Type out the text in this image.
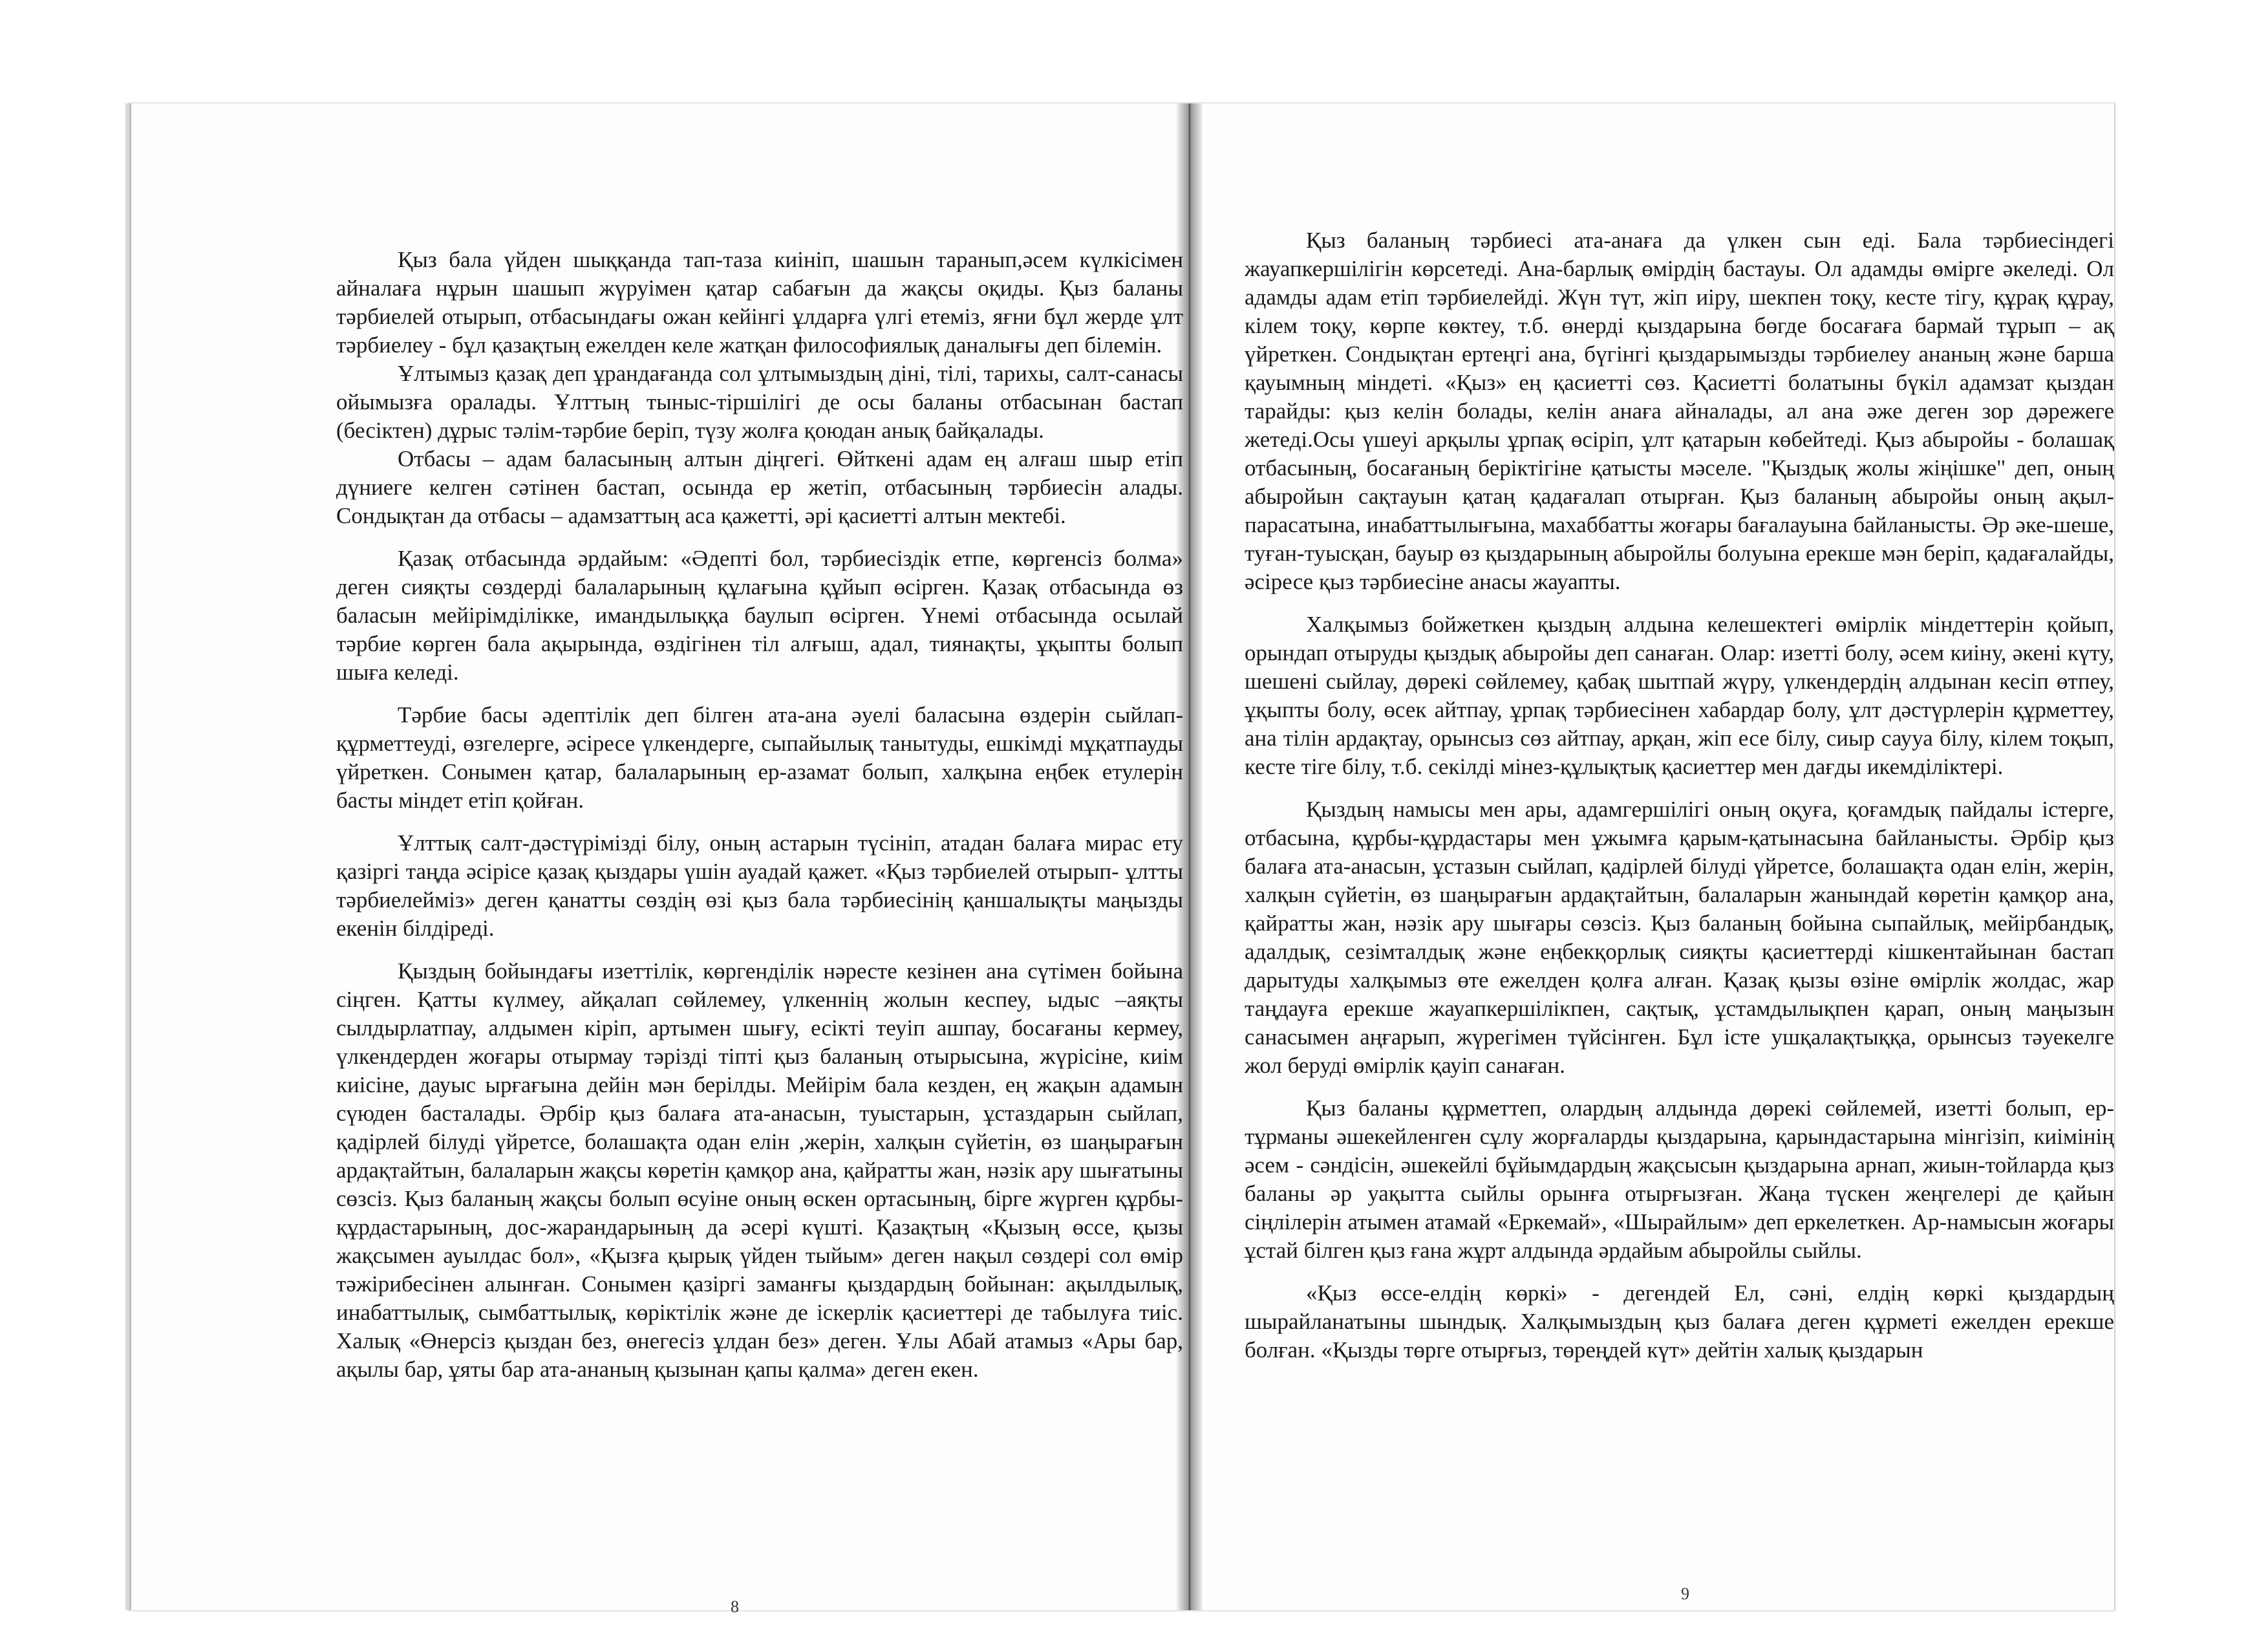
Қыз бала үйден шыққанда тап-таза киініп, шашын таранып,әсем күлкісімен айналаға нұрын шашып жүруімен қатар сабағын да жақсы оқиды. Қыз баланы тәрбиелей отырып, отбасындағы ожан кейінгі ұлдарға үлгі етеміз, яғни бұл жерде ұлт тәрбиелеу - бұл қазақтың ежелден келе жатқан философиялық даналығы деп білемін.

Ұлтымыз қазақ деп ұрандағанда сол ұлтымыздың діні, тілі, тарихы, салт-санасы ойымызға оралады. Ұлттың тыныс-тіршілігі де осы баланы отбасынан бастап (бесіктен) дұрыс тәлім-тәрбие беріп, түзу жолға қоюдан анық байқалады.

Отбасы – адам баласының алтын діңгегі. Өйткені адам ең алғаш шыр етіп дүниеге келген сәтінен бастап, осында ер жетіп, отбасының тәрбиесін алады. Сондықтан да отбасы – адамзаттың аса қажетті, әрі қасиетті алтын мектебі.

Қазақ отбасында әрдайым: «Әдепті бол, тәрбиесіздік етпе, көргенсіз болма» деген сияқты сөздерді балаларының құлағына құйып өсірген. Қазақ отбасында өз баласын мейірімділікке, имандылыққа баулып өсірген. Үнемі отбасында осылай тәрбие көрген бала ақырында, өздігінен тіл алғыш, адал, тиянақты, ұқыпты болып шыға келеді.

Тәрбие басы әдептілік деп білген ата-ана әуелі баласына өздерін сыйлап-құрметтеуді, өзгелерге, әсіресе үлкендерге, сыпайылық танытуды, ешкімді мұқатпауды үйреткен. Сонымен қатар, балаларының ер-азамат болып, халқына еңбек етулерін басты міндет етіп қойған.

Ұлттық салт-дәстүрімізді білу, оның астарын түсініп, атадан балаға мирас ету қазіргі таңда әсірісе қазақ қыздары үшін ауадай қажет. «Қыз тәрбиелей отырып- ұлтты тәрбиелейміз» деген қанатты сөздің өзі қыз бала тәрбиесінің қаншалықты маңызды екенін білдіреді.

Қыздың бойындағы изеттілік, көргенділік нәресте кезінен ана сүтімен бойына сіңген. Қатты күлмеу, айқалап сөйлемеу, үлкеннің жолын кеспеу, ыдыс –аяқты сылдырлатпау, алдымен кіріп, артымен шығу, есікті теуіп ашпау, босағаны кермеу, үлкендерден жоғары отырмау тәрізді тіпті қыз баланың отырысына, жүрісіне, киім киісіне, дауыс ырғағына дейін мән берілды. Мейірім бала кезден, ең жақын адамын сүюден басталады. Әрбір қыз балаға ата-анасын, туыстарын, ұстаздарын сыйлап, қадірлей білуді үйретсе, болашақта одан елін ,жерін, халқын сүйетін, өз шаңырағын ардақтайтын, балаларын жақсы көретін қамқор ана, қайратты жан, нәзік ару шығатыны сөзсіз. Қыз баланың жақсы болып өсуіне оның өскен ортасының, бірге жүрген құрбы-құрдастарының, дос-жарандарының да әсері күшті. Қазақтың «Қызың өссе, қызы жақсымен ауылдас бол», «Қызға қырық үйден тыйым» деген нақыл сөздері сол өмір тәжірибесінен алынған. Сонымен қазіргі заманғы қыздардың бойынан: ақылдылық, инабаттылық, сымбаттылық, көріктілік және де іскерлік қасиеттері де табылуға тиіс. Халық «Өнерсіз қыздан без, өнегесіз ұлдан без» деген. Ұлы Абай атамыз «Ары бар, ақылы бар, ұяты бар ата-ананың қызынан қапы қалма» деген екен.

Қыз баланың тәрбиесі ата-анаға да үлкен сын еді. Бала тәрбиесіндегі жауапкершілігін көрсетеді. Ана-барлық өмірдің бастауы. Ол адамды өмірге әкеледі. Ол адамды адам етіп тәрбиелейді. Жүн түт, жіп иіру, шекпен тоқу, кесте тігу, құрақ құрау, кілем тоқу, көрпе көктеу, т.б. өнерді қыздарына бөгде босағаға бармай тұрып – ақ үйреткен. Сондықтан ертеңгі ана, бүгінгі қыздарымызды тәрбиелеу ананың және барша қауымның міндеті. «Қыз» ең қасиетті сөз. Қасиетті болатыны бүкіл адамзат қыздан тарайды: қыз келін болады, келін анаға айналады, ал ана әже деген зор дәрежеге жетеді.Осы үшеуі арқылы ұрпақ өсіріп, ұлт қатарын көбейтеді. Қыз абыройы - болашақ отбасының, босағаның беріктігіне қатысты мәселе. "Қыздық жолы жіңішке" деп, оның абыройын сақтауын қатаң қадағалап отырған. Қыз баланың абыройы оның ақыл-парасатына, инабаттылығына, махаббатты жоғары бағалауына байланысты. Әр әке-шеше, туған-туысқан, бауыр өз қыздарының абыройлы болуына ерекше мән беріп, қадағалайды, әсіресе қыз тәрбиесіне анасы жауапты.

Халқымыз бойжеткен қыздың алдына келешектегі өмірлік міндеттерін қойып, орындап отыруды қыздық абыройы деп санаған. Олар: изетті болу, әсем киіну, әкені күту, шешені сыйлау, дөрекі сөйлемеу, қабақ шытпай жүру, үлкендердің алдынан кесіп өтпеу, ұқыпты болу, өсек айтпау, ұрпақ тәрбиесінен хабардар болу, ұлт дәстүрлерін құрметтеу, ана тілін ардақтау, орынсыз сөз айтпау, арқан, жіп есе білу, сиыр саууа білу, кілем тоқып, кесте тіге білу, т.б. секілді мінез-құлықтық қасиеттер мен дағды икемділіктері.

Қыздың намысы мен ары, адамгершілігі оның оқуға, қоғамдық пайдалы істерге, отбасына, құрбы-құрдастары мен ұжымға қарым-қатынасына байланысты. Әрбір қыз балаға ата-анасын, ұстазын сыйлап, қадірлей білуді үйретсе, болашақта одан елін, жерін, халқын сүйетін, өз шаңырағын ардақтайтын, балаларын жанындай көретін қамқор ана, қайратты жан, нәзік ару шығары сөзсіз. Қыз баланың бойына сыпайлық, мейірбандық, адалдық, сезімталдық және еңбекқорлық сияқты қасиеттерді кішкентайынан бастап дарытуды халқымыз өте ежелден қолға алған. Қазақ қызы өзіне өмірлік жолдас, жар таңдауға ерекше жауапкершілікпен, сақтық, ұстамдылықпен қарап, оның маңызын санасымен аңғарып, жүрегімен түйсінген. Бұл істе ушқалақтыққа, орынсыз тәуекелге жол беруді өмірлік қауіп санаған.

Қыз баланы құрметтеп, олардың алдында дөрекі сөйлемей, изетті болып, ер-тұрманы әшекейленген сұлу жорғаларды қыздарына, қарындастарына мінгізіп, киімінің әсем - сәндісін, әшекейлі бұйымдардың жақсысын қыздарына арнап, жиын-тойларда қыз баланы әр уақытта сыйлы орынға отырғызған. Жаңа түскен жеңгелері де қайын сіңлілерін атымен атамай «Еркемай», «Шырайлым» деп еркелеткен. Ар-намысын жоғары ұстай білген қыз ғана жұрт алдында әрдайым абыройлы сыйлы.

«Қыз өссе-елдің көркі» - дегендей Ел, сәні, елдің көркі қыздардың шырайланатыны шындық. Халқымыздың қыз балаға деген құрметі ежелден ерекше болған. «Қызды төрге отырғыз, төреңдей күт» дейтін халық қыздарын

8
9
